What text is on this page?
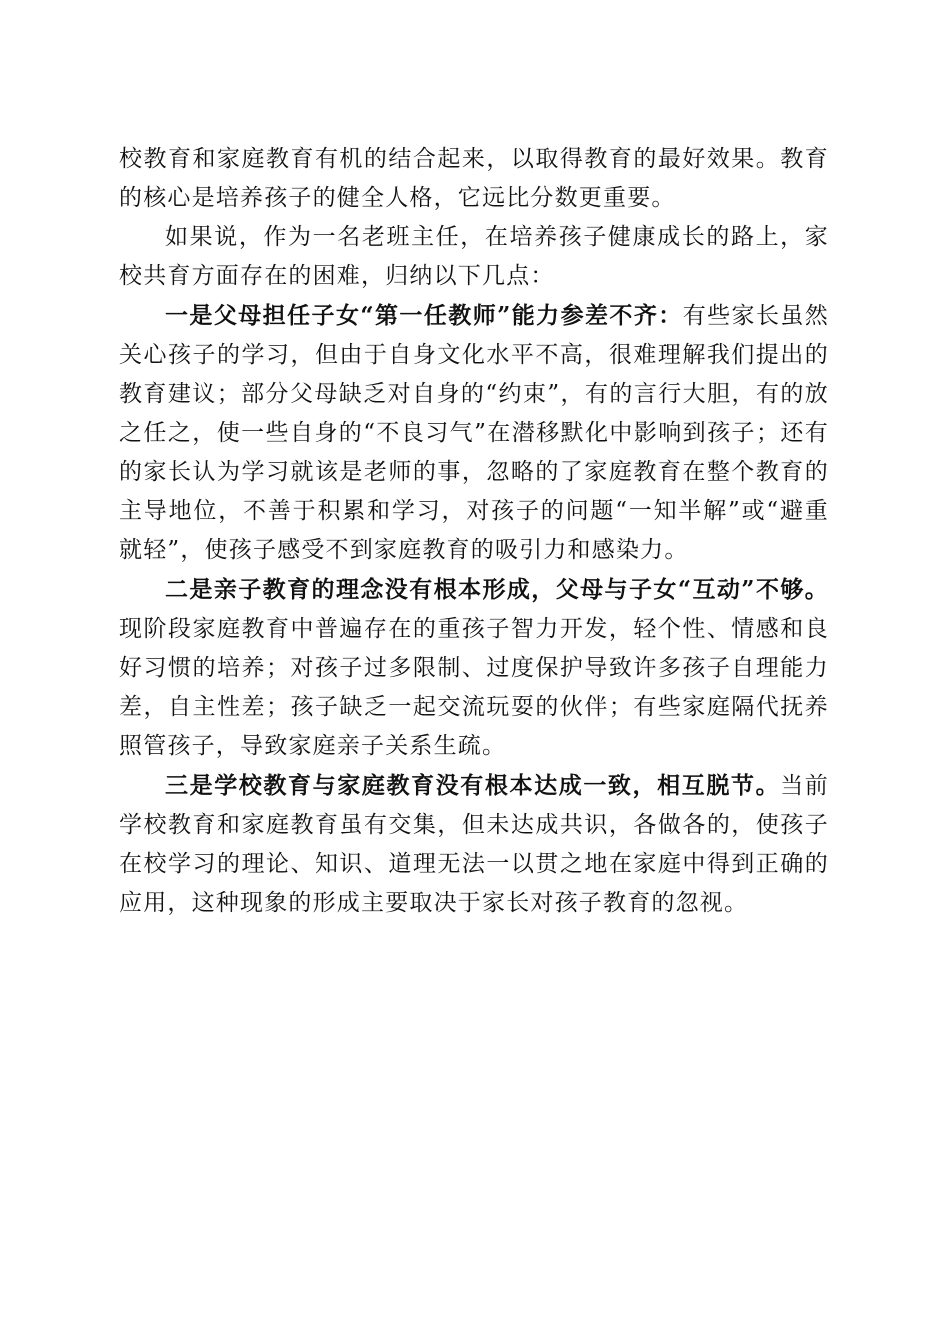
校教育和家庭教育有机的结合起来，以取得教育的最好效果。教育的核心是培养孩子的健全人格，它远比分数更重要。

如果说，作为一名老班主任，在培养孩子健康成长的路上，家校共育方面存在的困难，归纳以下几点：

一是父母担任子女“第一任教师”能力参差不齐：有些家长虽然关心孩子的学习，但由于自身文化水平不高，很难理解我们提出的教育建议；部分父母缺乏对自身的“约束”，有的言行大胆，有的放之任之，使一些自身的“不良习气”在潜移默化中影响到孩子；还有的家长认为学习就该是老师的事，忽略的了家庭教育在整个教育的主导地位，不善于积累和学习，对孩子的问题“一知半解”或“避重就轻”，使孩子感受不到家庭教育的吸引力和感染力。

二是亲子教育的理念没有根本形成，父母与子女“互动”不够。现阶段家庭教育中普遍存在的重孩子智力开发，轻个性、情感和良好习惯的培养；对孩子过多限制、过度保护导致许多孩子自理能力差，自主性差；孩子缺乏一起交流玩耍的伙伴；有些家庭隔代抚养照管孩子，导致家庭亲子关系生疏。

三是学校教育与家庭教育没有根本达成一致，相互脱节。当前学校教育和家庭教育虽有交集，但未达成共识，各做各的，使孩子在校学习的理论、知识、道理无法一以贯之地在家庭中得到正确的应用，这种现象的形成主要取决于家长对孩子教育的忽视。
